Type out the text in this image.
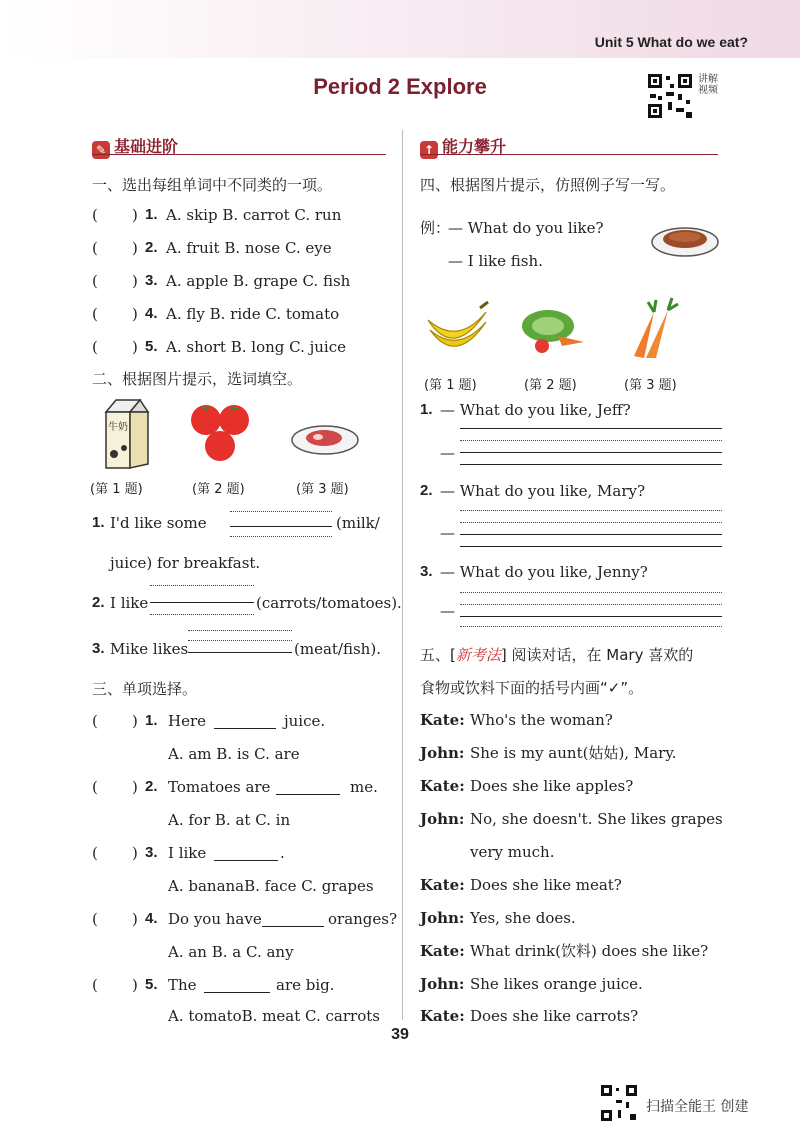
Unit 5 What do we eat?
Period 2 Explore	讲解视频
✎ 基础进阶
一、选出每组单词中不同类的一项。
( ) 1. A. skip B. carrot C. run
( ) 2. A. fruit B. nose C. eye
( ) 3. A. apple B. grape C. fish
( ) 4. A. fly B. ride C. tomato
( ) 5. A. short B. long C. juice
二、根据图片提示，选词填空。
牛奶
(第 1 题)	(第 2 题)	(第 3 题)
1. I'd like some	(milk/
juice) for breakfast.
2. I like	(carrots/tomatoes).
3. Mike likes	(meat/fish).
三、单项选择。
( ) 1. Here	juice.
A. am B. is C. are
( ) 2. Tomatoes are	me.
A. for B. at C. in
( ) 3. I like	.
A. bananaB. face C. grapes
( ) 4. Do you have	oranges?
A. an B. a C. any
( ) 5. The	are big.
A. tomatoB. meat C. carrots
↑ 能力攀升
四、根据图片提示，仿照例子写一写。
例：
— What do you like?
— I like fish.
(第 1 题)	(第 2 题)	(第 3 题)
1. — What do you like, Jeff?
—
2. — What do you like, Mary?
—
3. — What do you like, Jenny?
—
五、[新考法] 阅读对话，在 Mary 喜欢的
食物或饮料下面的括号内画“✓”。
Kate: Who's the woman?
John: She is my aunt(姑姑), Mary.
Kate: Does she like apples?
John: No, she doesn't. She likes grapes
very much.
Kate: Does she like meat?
John: Yes, she does.
Kate: What drink(饮料) does she like?
John: She likes orange juice.
Kate: Does she like carrots?
39
扫描全能王 创建
